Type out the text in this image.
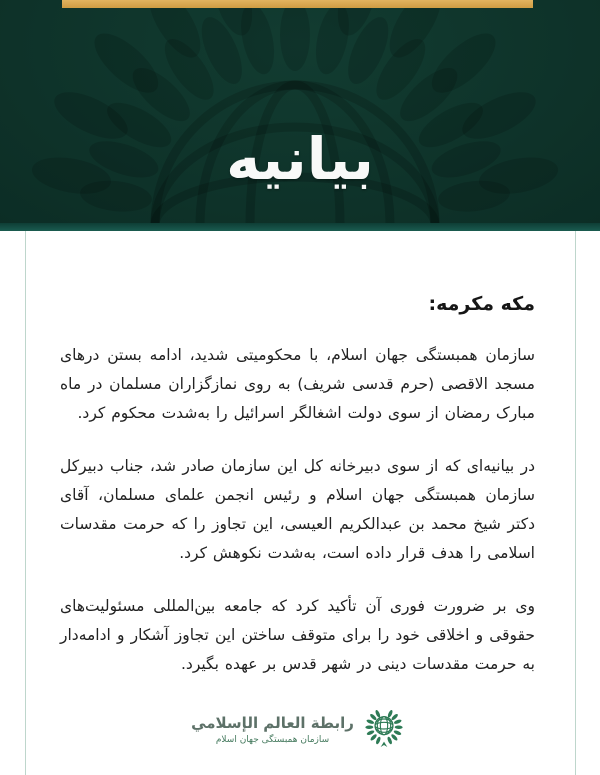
بیانیه
مکه مکرمه:

سازمان همبستگی جهان اسلام، با محکومیتی شدید، ادامه بستن درهای مسجد الاقصی (حرم قدسی شریف) به روی نمازگزاران مسلمان در ماه مبارک رمضان از سوی دولت اشغالگر اسرائیل را به‌شدت محکوم کرد.

در بیانیه‌ای که از سوی دبیرخانه کل این سازمان صادر شد، جناب دبیرکل سازمان همبستگی جهان اسلام و رئیس انجمن علمای مسلمان، آقای دکتر شیخ محمد بن عبدالکریم العیسی، این تجاوز را که حرمت مقدسات اسلامی را هدف قرار داده است، به‌شدت نکوهش کرد.

وی بر ضرورت فوری آن تأکید کرد که جامعه بین‌المللی مسئولیت‌های حقوقی و اخلاقی خود را برای متوقف ساختن این تجاوز آشکار و ادامه‌دار به حرمت مقدسات دینی در شهر قدس بر عهده بگیرد.

رابطة العالم الإسلامي
سازمان همبستگی جهان اسلام
